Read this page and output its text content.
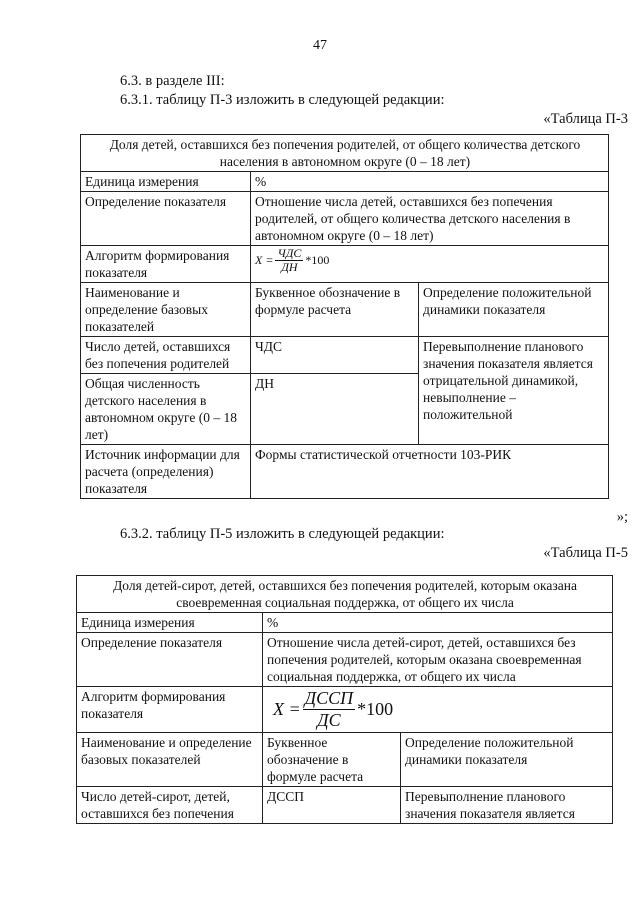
47
6.3. в разделе III:
6.3.1. таблицу П-3 изложить в следующей редакции:
«Таблица П-3
Доля детей, оставшихся без попечения родителей, от общего количества детского населения в автономном округе (0 – 18 лет)		
Единица измерения	%	
Определение показателя	Отношение числа детей, оставшихся без попечения родителей, от общего количества детского населения в автономном округе (0 – 18 лет)	
Алгоритм формирования показателя	$X = \frac{\text{ЧДС}}{ДН} *100$	

Наименование и определение базовых показателей	Буквенное обозначение в формуле расчета	Определение положительной динамики показателя
Число детей, оставшихся без попечения родителей	ЧДС	Перевыполнение планового значения показателя является отрицательной динамикой, невыполнение – положительной
Общая численность детского населения в автономном округе (0 – 18 лет)	ДН	
Источник информации для расчета (определения) показателя	Формы статистической отчетности 103-РИК	
»;
6.3.2. таблицу П-5 изложить в следующей редакции:
«Таблица П-5
Доля детей-сирот, детей, оставшихся без попечения родителей, которым оказана своевременная социальная поддержка, от общего их числа		
Единица измерения	%	
Определение показателя	Отношение числа детей-сирот, детей, оставшихся без попечения родителей, которым оказана своевременная социальная поддержка, от общего их числа	
Алгоритм формирования показателя	$X = \frac{\text{ДССП}}{ДС} *100$	

Наименование и определение базовых показателей	Буквенное обозначение в формуле расчета	Определение положительной динамики показателя
Число детей-сирот, детей, оставшихся без попечения	ДССП	Перевыполнение планового значения показателя является
